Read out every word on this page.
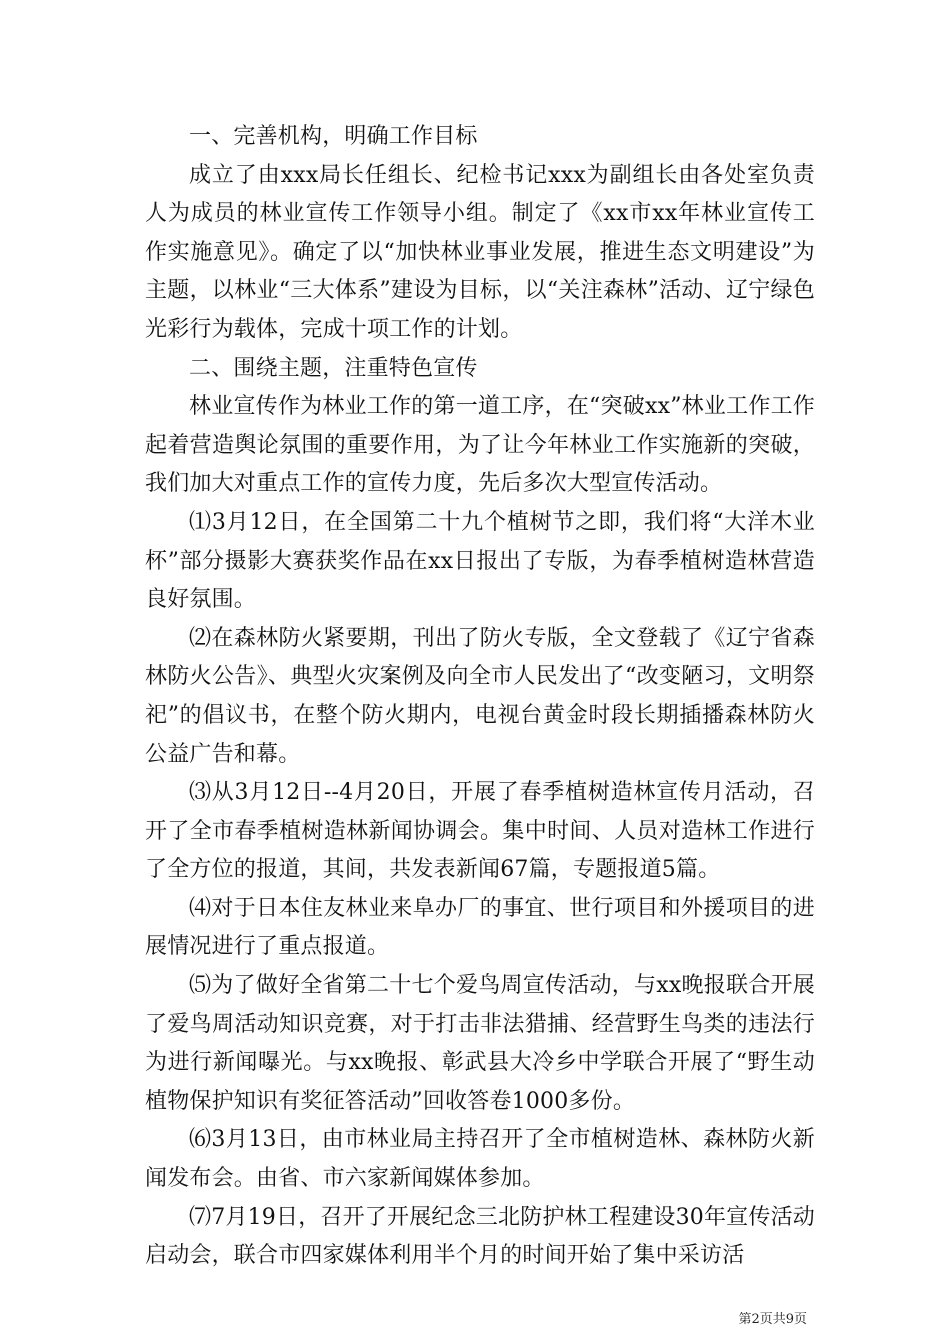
一、完善机构，明确工作目标

成立了由xxx局长任组长、纪检书记xxx为副组长由各处室负责人为成员的林业宣传工作领导小组。制定了《xx市xx年林业宣传工作实施意见》。确定了以“加快林业事业发展，推进生态文明建设”为主题，以林业“三大体系”建设为目标，以“关注森林”活动、辽宁绿色光彩行为载体，完成十项工作的计划。

二、围绕主题，注重特色宣传

林业宣传作为林业工作的第一道工序，在“突破xx”林业工作工作起着营造舆论氛围的重要作用，为了让今年林业工作实施新的突破，我们加大对重点工作的宣传力度，先后多次大型宣传活动。

⑴3月12日，在全国第二十九个植树节之即，我们将“大洋木业杯”部分摄影大赛获奖作品在xx日报出了专版，为春季植树造林营造良好氛围。

⑵在森林防火紧要期，刊出了防火专版，全文登载了《辽宁省森林防火公告》、典型火灾案例及向全市人民发出了“改变陋习，文明祭祀”的倡议书，在整个防火期内，电视台黄金时段长期插播森林防火公益广告和幕。

⑶从3月12日--4月20日，开展了春季植树造林宣传月活动，召开了全市春季植树造林新闻协调会。集中时间、人员对造林工作进行了全方位的报道，其间，共发表新闻67篇，专题报道5篇。

⑷对于日本住友林业来阜办厂的事宜、世行项目和外援项目的进展情况进行了重点报道。

⑸为了做好全省第二十七个爱鸟周宣传活动，与xx晚报联合开展了爱鸟周活动知识竞赛，对于打击非法猎捕、经营野生鸟类的违法行为进行新闻曝光。与xx晚报、彰武县大冷乡中学联合开展了“野生动植物保护知识有奖征答活动”回收答卷1000多份。

⑹3月13日，由市林业局主持召开了全市植树造林、森林防火新闻发布会。由省、市六家新闻媒体参加。

⑺7月19日，召开了开展纪念三北防护林工程建设30年宣传活动启动会，联合市四家媒体利用半个月的时间开始了集中采访活

第2页共9页
